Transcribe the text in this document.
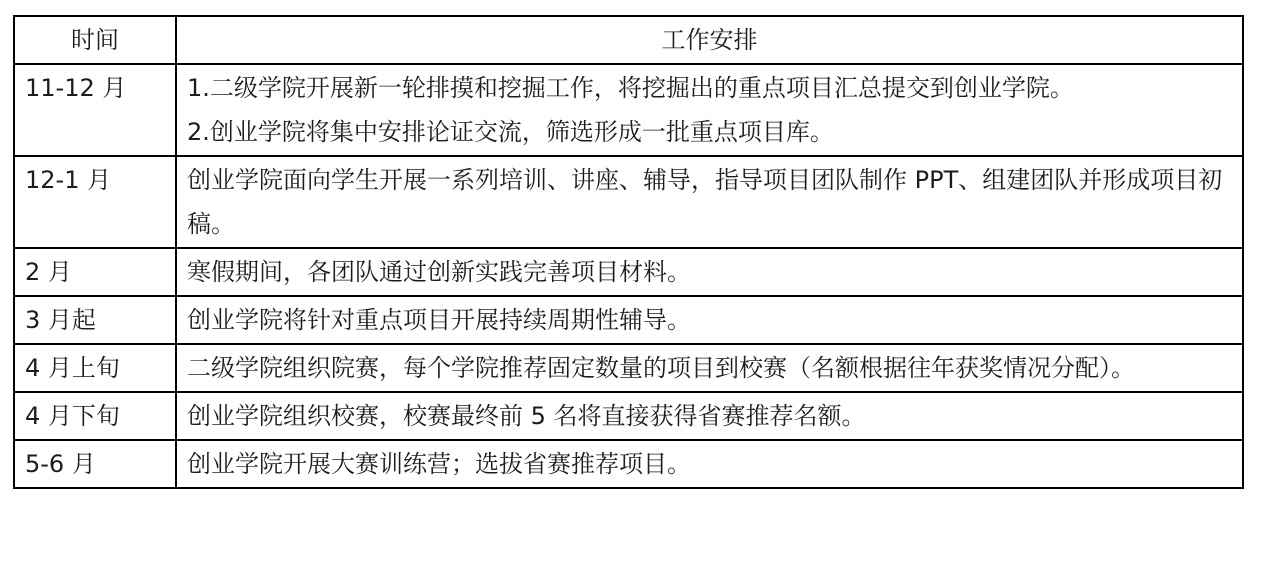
时间	工作安排
11-12 月	1.二级学院开展新一轮排摸和挖掘工作，将挖掘出的重点项目汇总提交到创业学院。

2.创业学院将集中安排论证交流，筛选形成一批重点项目库。

12-1 月	创业学院面向学生开展一系列培训、讲座、辅导，指导项目团队制作 PPT、组建团队并形成项目初稿。

2 月	寒假期间，各团队通过创新实践完善项目材料。

3 月起	创业学院将针对重点项目开展持续周期性辅导。

4 月上旬	二级学院组织院赛，每个学院推荐固定数量的项目到校赛（名额根据往年获奖情况分配）。

4 月下旬	创业学院组织校赛，校赛最终前 5 名将直接获得省赛推荐名额。

5-6 月	创业学院开展大赛训练营；选拔省赛推荐项目。
